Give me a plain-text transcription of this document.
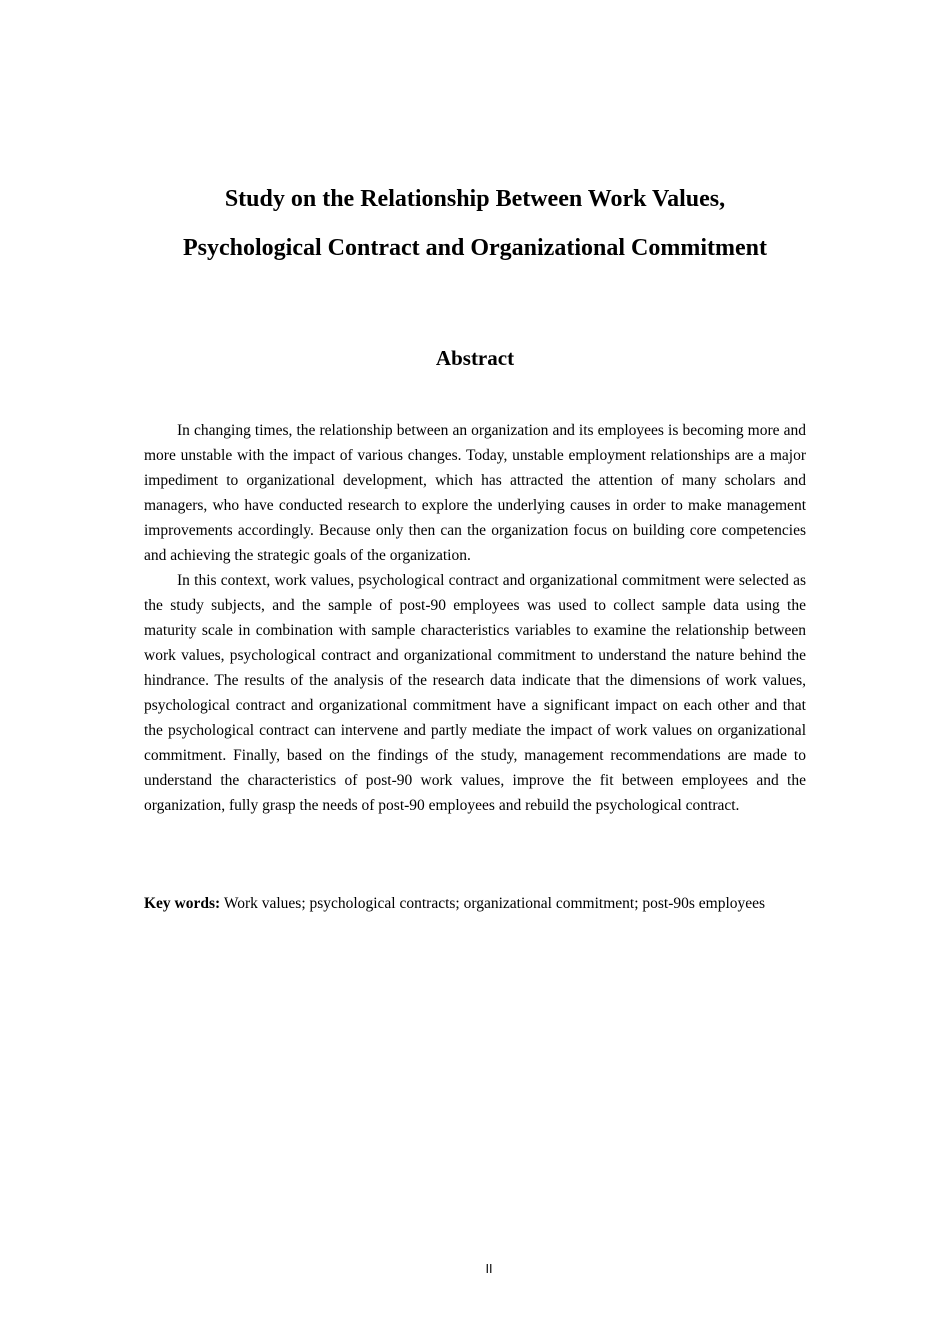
Study on the Relationship Between Work Values,
Psychological Contract and Organizational Commitment
Abstract

In changing times, the relationship between an organization and its employees is becoming more and more unstable with the impact of various changes. Today, unstable employment relationships are a major impediment to organizational development, which has attracted the attention of many scholars and managers, who have conducted research to explore the underlying causes in order to make management improvements accordingly. Because only then can the organization focus on building core competencies and achieving the strategic goals of the organization.

In this context, work values, psychological contract and organizational commitment were selected as the study subjects, and the sample of post-90 employees was used to collect sample data using the maturity scale in combination with sample characteristics variables to examine the relationship between work values, psychological contract and organizational commitment to understand the nature behind the hindrance. The results of the analysis of the research data indicate that the dimensions of work values, psychological contract and organizational commitment have a significant impact on each other and that the psychological contract can intervene and partly mediate the impact of work values on organizational commitment. Finally, based on the findings of the study, management recommendations are made to understand the characteristics of post-90 work values, improve the fit between employees and the organization, fully grasp the needs of post-90 employees and rebuild the psychological contract.

Key words: Work values; psychological contracts; organizational commitment; post-90s employees

II
